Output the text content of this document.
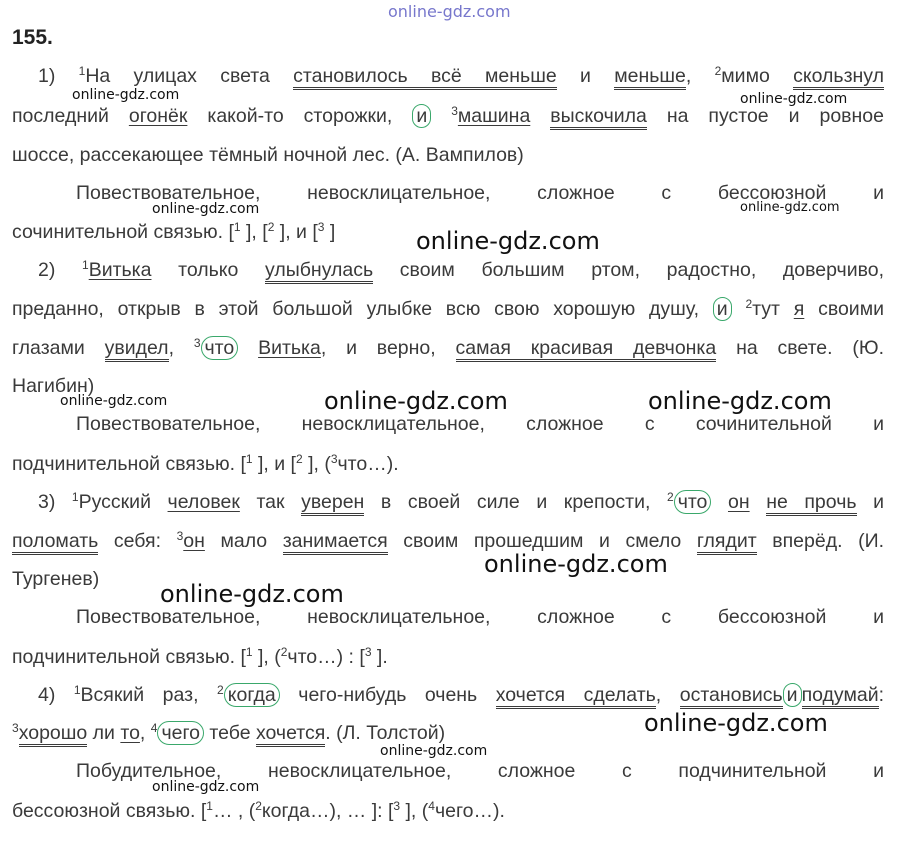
online-gdz.com
155.
1) $^1$На улицах света становилось всё меньше и меньше, $^2$мимо скользнул
online-gdz.com	online-gdz.com
последний огонёк какой-то сторожки, и $^3$машина выскочила на пустое и ровное
шоссе, рассекающее тёмный ночной лес. (А. Вампилов)
Повествовательное, невосклицательное, сложное с бессоюзной и
online-gdz.com	online-gdz.com
сочинительной связью. [$^1$ ], [$^2$ ], и [$^3$ ]	online-gdz.com
2) $^1$Витька только улыбнулась своим большим ртом, радостно, доверчиво,
преданно, открыв в этой большой улыбке всю свою хорошую душу, и $^2$тут я своими
глазами увидел, $^3$ что Витька, и верно, самая красивая девчонка на свете. (Ю.
Нагибин)
online-gdz.com	online-gdz.com	online-gdz.com
Повествовательное, невосклицательное, сложное с сочинительной и
подчинительной связью. [$^1$ ], и [$^2$ ], ($^3$что…).
3) $^1$Русский человек так уверен в своей силе и крепости, $^2$ что он не прочь и
поломать себя: $^3$он мало занимается своим прошедшим и смело глядит вперёд. (И.
Тургенев)
online-gdz.com
online-gdz.com
Повествовательное, невосклицательное, сложное с бессоюзной и
подчинительной связью. [$^1$ ], ($^2$что…) : [$^3$ ].
4) $^1$Всякий раз, $^2$ когда чего-нибудь очень хочется сделать, остановись и подумай:
online-gdz.com
$^3$хорошо ли то, $^4$ чего тебе хочется. (Л. Толстой)
online-gdz.com
Побудительное, невосклицательное, сложное с подчинительной и
online-gdz.com
бессоюзной связью. [$^1$… , ($^2$когда…), … ]: [$^3$ ], ($^4$чего…).
